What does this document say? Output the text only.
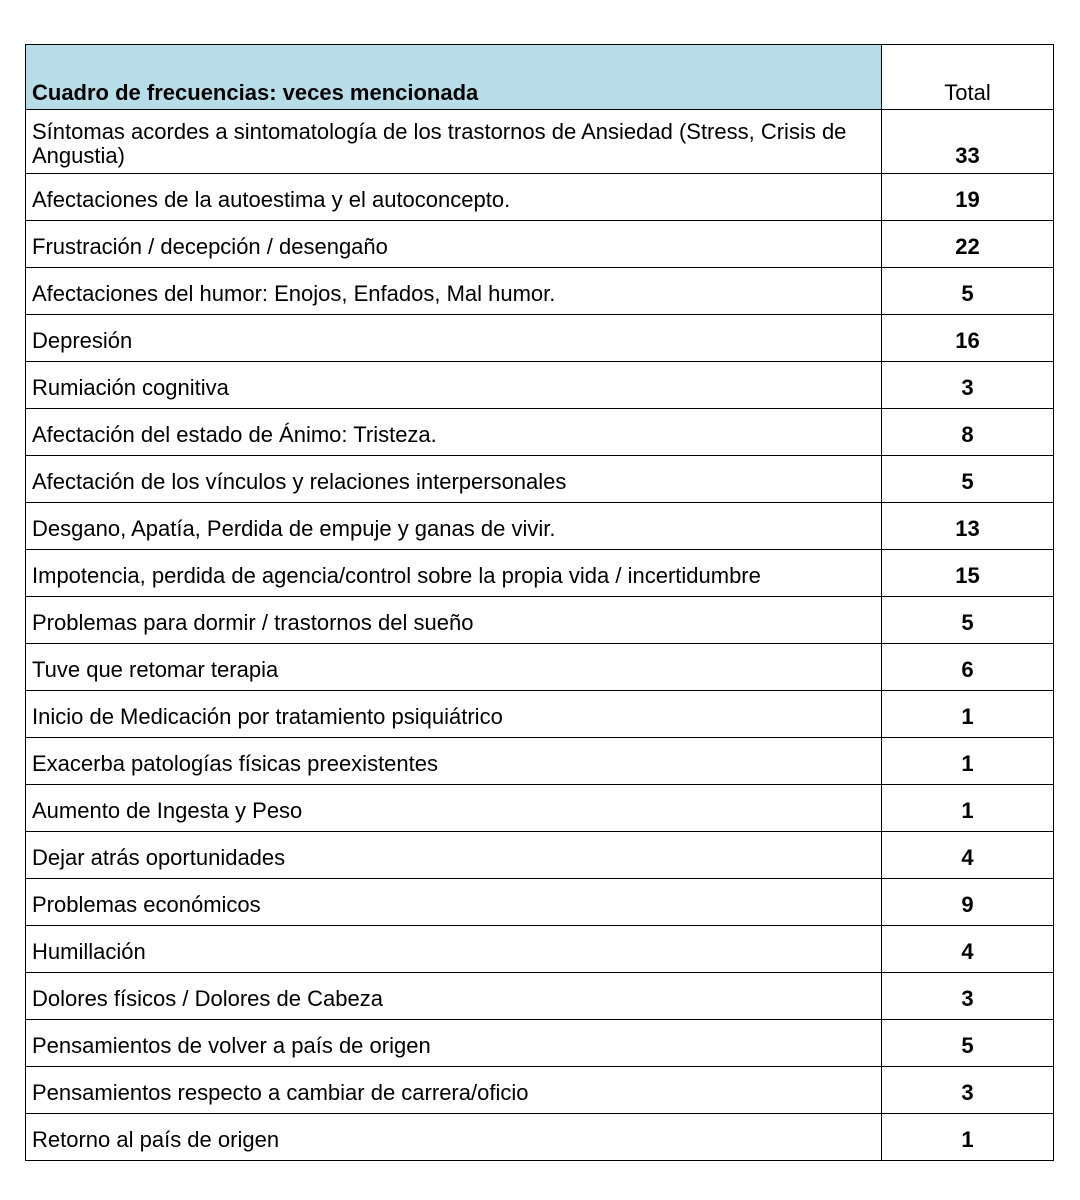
Cuadro de frecuencias: veces mencionada	Total
Síntomas acordes a sintomatología de los trastornos de Ansiedad (Stress, Crisis de Angustia)	33
Afectaciones de la autoestima y el autoconcepto.	19
Frustración / decepción / desengaño	22
Afectaciones del humor: Enojos, Enfados, Mal humor.	5
Depresión	16
Rumiación cognitiva	3
Afectación del estado de Ánimo: Tristeza.	8
Afectación de los vínculos y relaciones interpersonales	5
Desgano, Apatía, Perdida de empuje y ganas de vivir.	13
Impotencia, perdida de agencia/control sobre la propia vida / incertidumbre	15
Problemas para dormir / trastornos del sueño	5
Tuve que retomar terapia	6
Inicio de Medicación por tratamiento psiquiátrico	1
Exacerba patologías físicas preexistentes	1
Aumento de Ingesta y Peso	1
Dejar atrás oportunidades	4
Problemas económicos	9
Humillación	4
Dolores físicos / Dolores de Cabeza	3
Pensamientos de volver a país de origen	5
Pensamientos respecto a cambiar de carrera/oficio	3
Retorno al país de origen	1
